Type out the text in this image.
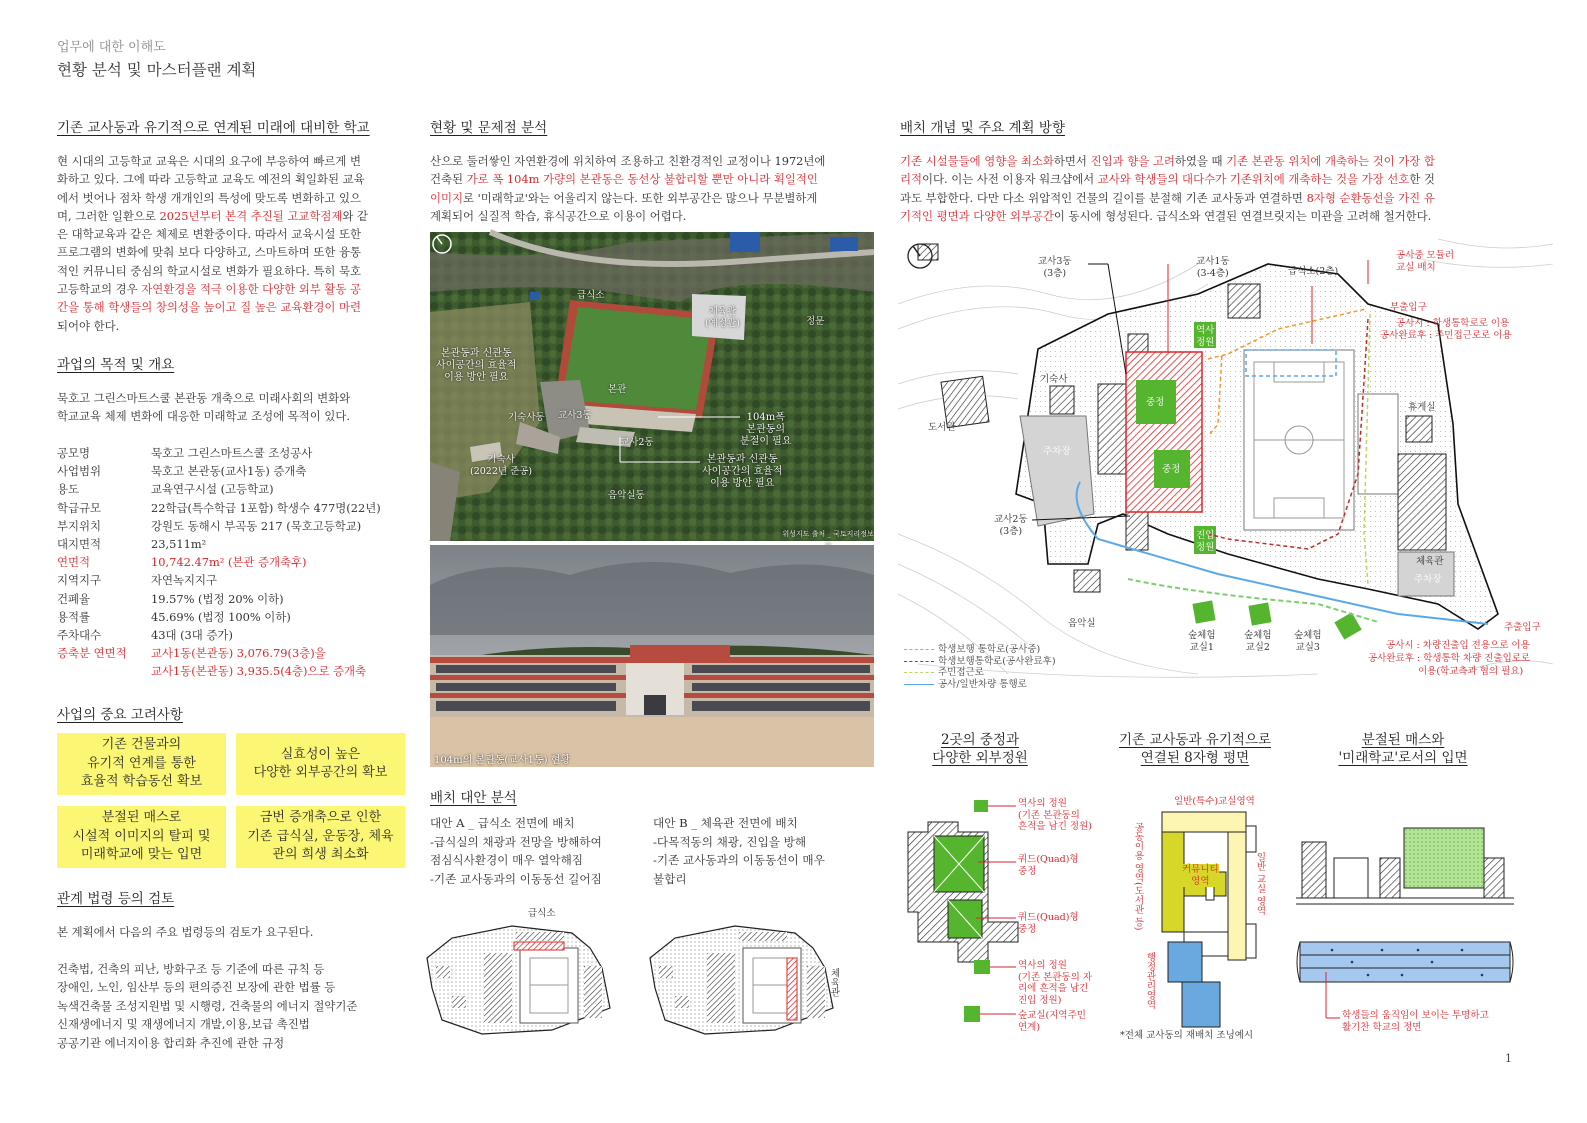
업무에 대한 이해도
현황 분석 및 마스터플랜 계획
기존 교사동과 유기적으로 연계된 미래에 대비한 학교
현 시대의 고등학교 교육은 시대의 요구에 부응하여 빠르게 변
화하고 있다. 그에 따라 고등학교 교육도 예전의 획일화된 교육
에서 벗어나 점차 학생 개개인의 특성에 맞도록 변화하고 있으
며, 그러한 일환으로 2025년부터 본격 추진될 고교학점제와 같
은 대학교육과 같은 체제로 변환중이다. 따라서 교육시설 또한
프로그램의 변화에 맞춰 보다 다양하고, 스마트하며 또한 융통
적인 커뮤니티 중심의 학교시설로 변화가 필요하다. 특히 묵호
고등학교의 경우 자연환경을 적극 이용한 다양한 외부 활동 공
간을 통해 학생들의 창의성을 높이고 질 높은 교육환경이 마련
되어야 한다.
과업의 목적 및 개요
묵호고 그린스마트스쿨 본관동 개축으로 미래사회의 변화와
학교교육 체제 변화에 대응한 미래학교 조성에 목적이 있다.
공모명	묵호고 그린스마트스쿨 조성공사
사업범위	묵호고 본관동(교사1동) 증개축
용도	교육연구시설 (고등학교)
학급규모	22학급(특수학급 1포함) 학생수 477명(22년)
부지위치	강원도 동해시 부곡동 217 (묵호고등학교)
대지면적	23,511m²
연면적	10,742.47m² (본관 증개축후)
지역지구	자연녹지지구
건폐율	19.57% (법정 20% 이하)
용적률	45.69% (법정 100% 이하)
주차대수	43대 (3대 증가)
증축분 연면적	교사1동(본관동) 3,076.79(3층)을
교사1동(본관동) 3,935.5(4층)으로 증개축
사업의 중요 고려사항
기존 건물과의
유기적 연계를 통한
효율적 학습동선 확보
실효성이 높은
다양한 외부공간의 확보
분절된 매스로
시설적 이미지의 탈피 및
미래학교에 맞는 입면
금번 증개축으로 인한
기존 급식실, 운동장, 체육
관의 희생 최소화
관계 법령 등의 검토
본 계획에서 다음의 주요 법령등의 검토가 요구된다.
건축법, 건축의 피난, 방화구조 등 기준에 따른 규칙 등
장애인, 노인, 임산부 등의 편의증진 보장에 관한 법률 등
녹색건축물 조성지원법 및 시행령, 건축물의 에너지 절약기준
신재생에너지 및 재생에너지 개발,이용,보급 촉진법
공공기관 에너지이용 합리화 추진에 관한 규정
현황 및 문제점 분석
산으로 둘러쌓인 자연환경에 위치하여 조용하고 친환경적인 교정이나 1972년에
건축된 가로 폭 104m 가량의 본관동은 동선상 불합리할 뿐만 아니라 획일적인
이미지로 '미래학교'와는 어울리지 않는다. 또한 외부공간은 많으나 무분별하게
계획되어 실질적 학습, 휴식공간으로 이용이 어렵다.
급식소
체육관
(예정관)	정문
본관동과 신관동
사이공간의 효율적
이용 방안 필요
본관
기숙사동 교사3동	104m폭
본관동의
분절이 필요
교사2동
본관동과 신관동
사이공간의 효율적
이용 방안 필요
기숙사
(2022년 준공)
음악실동
위성지도 출처 _ 국토지리정보
104m의 본관동(교사1동) 현황
배치 대안 분석
대안 A _ 급식소 전면에 배치
-급식실의 채광과 전망을 방해하여
점심식사환경이 매우 열악해짐
-기존 교사동과의 이동동선 길어짐
대안 B _ 체육관 전면에 배치
-다목적동의 채광, 진입을 방해
-기존 교사동과의 이동동선이 매우
불합리
급식소
체육관
배치 개념 및 주요 계획 방향
기존 시설물들에 영향을 최소화하면서 진입과 향을 고려하였을 때 기존 본관동 위치에 개축하는 것이 가장 합
리적이다. 이는 사전 이용자 워크샵에서 교사와 학생들의 대다수가 기존위치에 개축하는 것을 가장 선호한 것
과도 부합한다. 다만 다소 위압적인 건물의 길이를 분절해 기존 교사동과 연결하면 8자형 순환동선을 가진 유
기적인 평면과 다양한 외부공간이 동시에 형성된다. 급식소와 연결된 연결브릿지는 미관을 고려해 철거한다.
교사3동
(3층)
교사1동
(3-4층)	급식소(2층)
공사중 모듈러
교실 배치
부출입구
공사시 : 학생통학로로 이용
공사완료후 : 주민접근로로 이용
기숙사
도서관
주차장
역사
정원
중정
중정
진입
정원
휴게실
교사2동
(3층)
체육관
주차장
음악실
숲체험
교실1
숲체험
교실2
숲체험
교실3
주출입구
공사시 : 차량진출입 전용으로 이용
공사완료후 : 학생통학 차량 진출입로로
이용(학교측과 협의 필요)
학생보행 통학로(공사중)
학생보행통학로(공사완료후)
주민접근로
공사/일반차량 통행로
2곳의 중정과
다양한 외부정원
기존 교사동과 유기적으로
연결된 8자형 평면
분절된 매스와
'미래학교'로서의 입면
역사의 정원
(기존 본관동의
흔적을 남긴 정원)
쿼드(Quad)형
중정
쿼드(Quad)형
중정
역사의 정원
(기존 본관동의 자
리에 흔적을 남긴
진입 정원)
숲교실(지역주민
연계)
일반(특수)교실영역
커뮤니티
영역
공동이용 영역(도서관 등)	일반 교실 영역
행정관리영역
*전체 교사동의 재배치 조닝예시
학생들의 움직임이 보이는 투명하고
활기찬 학교의 정면
1
